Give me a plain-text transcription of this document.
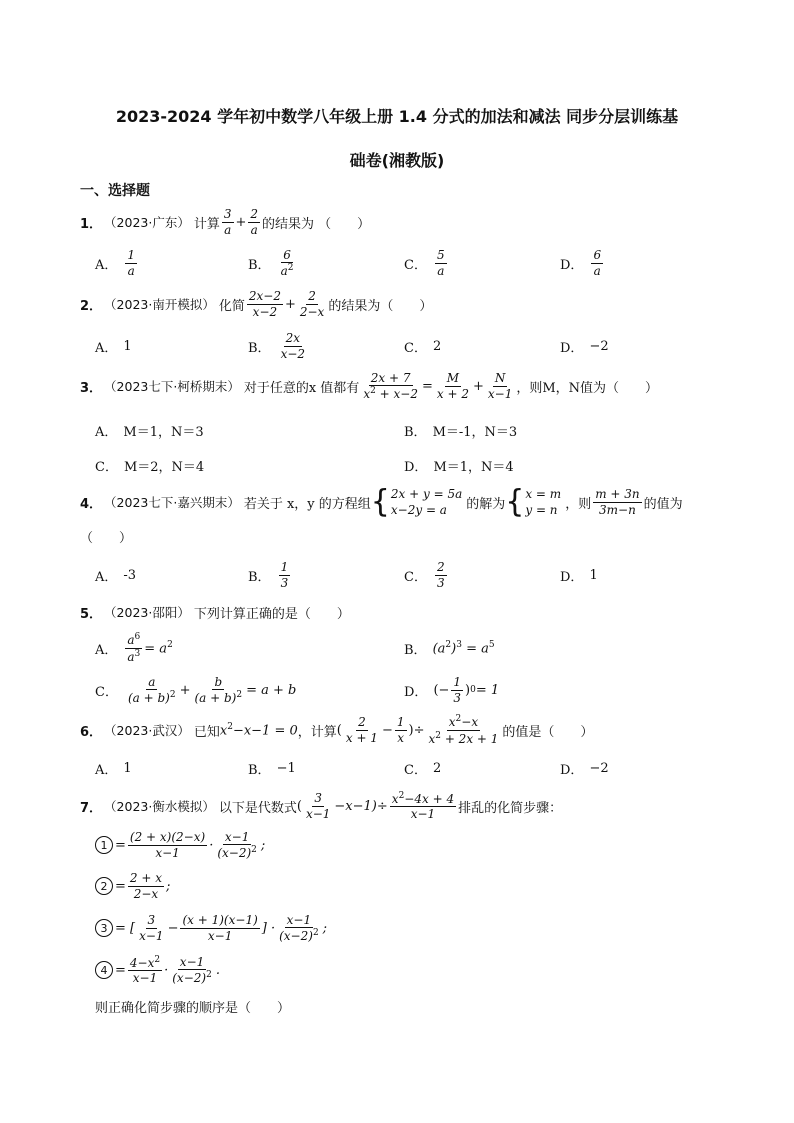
2023-2024 学年初中数学八年级上册 1.4 分式的加法和减法 同步分层训练基
础卷(湘教版)
一、选择题
1． （2023·广东） 计算 $\frac{3}{a} + \frac{2}{a}$ 的结果为 （　　）
A． $\frac{1}{a}$	B． $\frac{6}{a^2}$	C． $\frac{5}{a}$	D． $\frac{6}{a}$
2． （2023·南开模拟） 化简 $\frac{2x-2}{x-2} + \frac{2}{2-x}$ 的结果为（　　）
A． 1	B． $\frac{2x}{x-2}$	C． 2	D． −2
3． （2023七下·柯桥期末） 对于任意的x 值都有 $\frac{2x + 7}{x^2 + x-2} = \frac{M}{x + 2} + \frac{N}{x-1}$ ，则M，N值为（　　）
A． M＝1，N＝3	B． M＝-1，N＝3
C． M＝2，N＝4	D． M＝1，N＝4
4． （2023七下·嘉兴期末） 若关于 x，y 的方程组 { 2x + y = 5a
x−2y = a	的解为 { x = m
y = n ，则 $\frac{m + 3n}{3m-n}$ 的值为
（　　）
A． -3	B． $\frac{1}{3}$	C． $\frac{2}{3}$	D． 1
5． （2023·邵阳） 下列计算正确的是（　　）
A． $\frac{a^6}{a^3} = a^2$	B． $(a^2)^3 = a^5$
C． $\frac{a}{(a + b)^2} + \frac{b}{(a + b)^2} = a + b$	D． (− $\frac{1}{3}$ ) 0 = 1
6． （2023·武汉） 已知 $x^2-x-1 = 0$ ，计算 ( $\frac{2}{x + 1} - \frac{1}{x}$ ) ÷ $\frac{x^2-x}{x^2 + 2x + 1}$ 的值是（　　）
A． 1	B． −1	C． 2	D． −2
7． （2023·衡水模拟） 以下是代数式 ( $\frac{3}{x-1} -x-1) \div \frac{x^2-4x + 4}{x-1}$ 排乱的化简步骤：
$1 = \frac{(2 + x)(2-x)}{x-1} \cdot \frac{x-1}{(x-2)^2}$ ;
$2 = \frac{2 + x}{2-x}$ ;
3 = [ $\frac{3}{x-1} - \frac{(x + 1)(x-1)}{x-1}$ ] · $\frac{x-1}{(x-2)^2}$ ;
$4 = \frac{4-x^2}{x-1} \cdot \frac{x-1}{(x-2)^2}$ .
则正确化简步骤的顺序是（　　）
